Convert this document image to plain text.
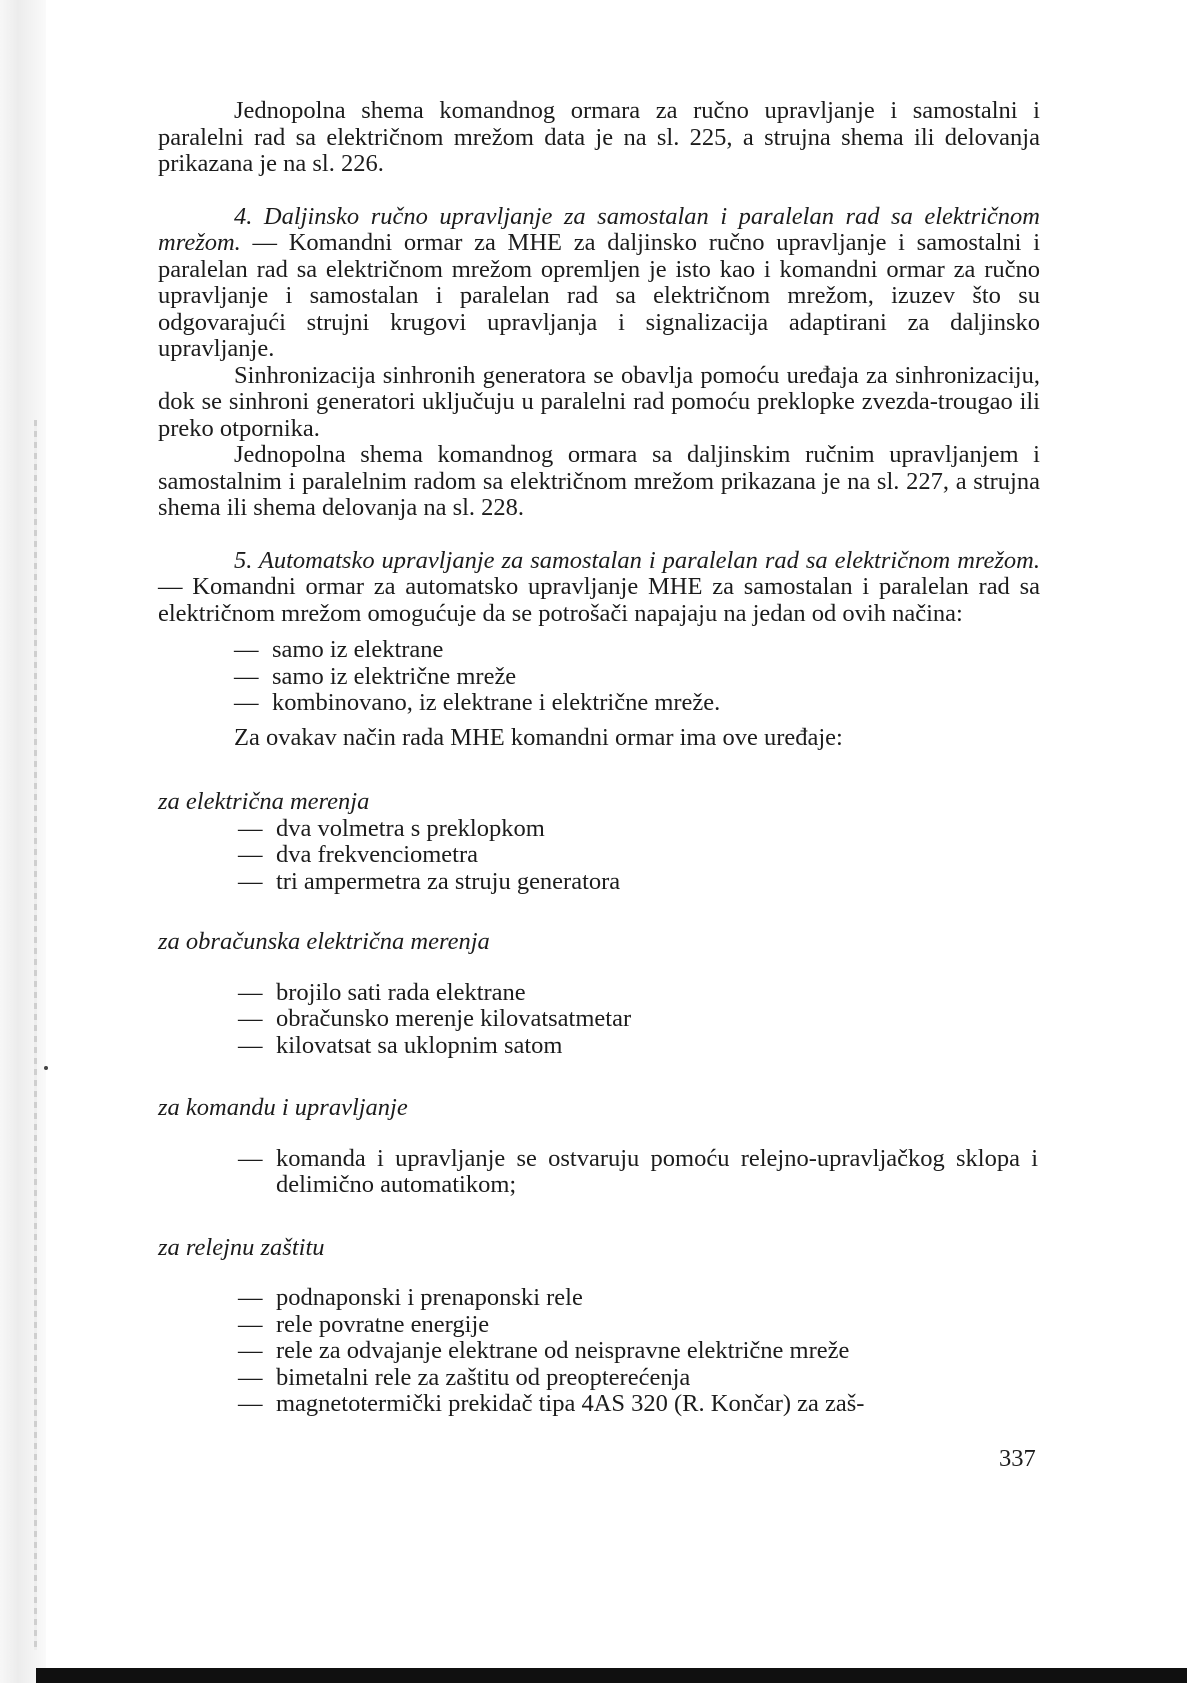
Jednopolna shema komandnog ormara za ručno upravljanje i samostalni i paralelni rad sa električnom mrežom data je na sl. 225, a strujna shema ili delovanja prikazana je na sl. 226.

4. Daljinsko ručno upravljanje za samostalan i paralelan rad sa električnom mrežom. — Komandni ormar za MHE za daljinsko ručno upravljanje i samostalni i paralelan rad sa električnom mrežom opremljen je isto kao i komandni ormar za ručno upravljanje i samostalan i paralelan rad sa električnom mrežom, izuzev što su odgovarajući strujni krugovi upravljanja i signalizacija adaptirani za daljinsko upravljanje.

Sinhronizacija sinhronih generatora se obavlja pomoću uređaja za sinhronizaciju, dok se sinhroni generatori uključuju u paralelni rad pomoću preklopke zvezda-trougao ili preko otpornika.

Jednopolna shema komandnog ormara sa daljinskim ručnim upravljanjem i samostalnim i paralelnim radom sa električnom mrežom prikazana je na sl. 227, a strujna shema ili shema delovanja na sl. 228.

5. Automatsko upravljanje za samostalan i paralelan rad sa električnom mrežom. — Komandni ormar za automatsko upravljanje MHE za samostalan i paralelan rad sa električnom mrežom omogućuje da se potrošači napajaju na jedan od ovih načina:

— samo iz elektrane
— samo iz električne mreže
— kombinovano, iz elektrane i električne mreže.

Za ovakav način rada MHE komandni ormar ima ove uređaje:

za električna merenja

— dva volmetra s preklopkom
— dva frekvenciometra
— tri ampermetra za struju generatora

za obračunska električna merenja

— brojilo sati rada elektrane
— obračunsko merenje kilovatsatmetar
— kilovatsat sa uklopnim satom

za komandu i upravljanje

— komanda i upravljanje se ostvaruju pomoću relejno-upravljačkog sklopa i delimično automatikom;

za relejnu zaštitu

— podnaponski i prenaponski rele
— rele povratne energije
— rele za odvajanje elektrane od neispravne električne mreže
— bimetalni rele za zaštitu od preopterećenja
— magnetotermički prekidač tipa 4AS 320 (R. Končar) za zaš-
337
